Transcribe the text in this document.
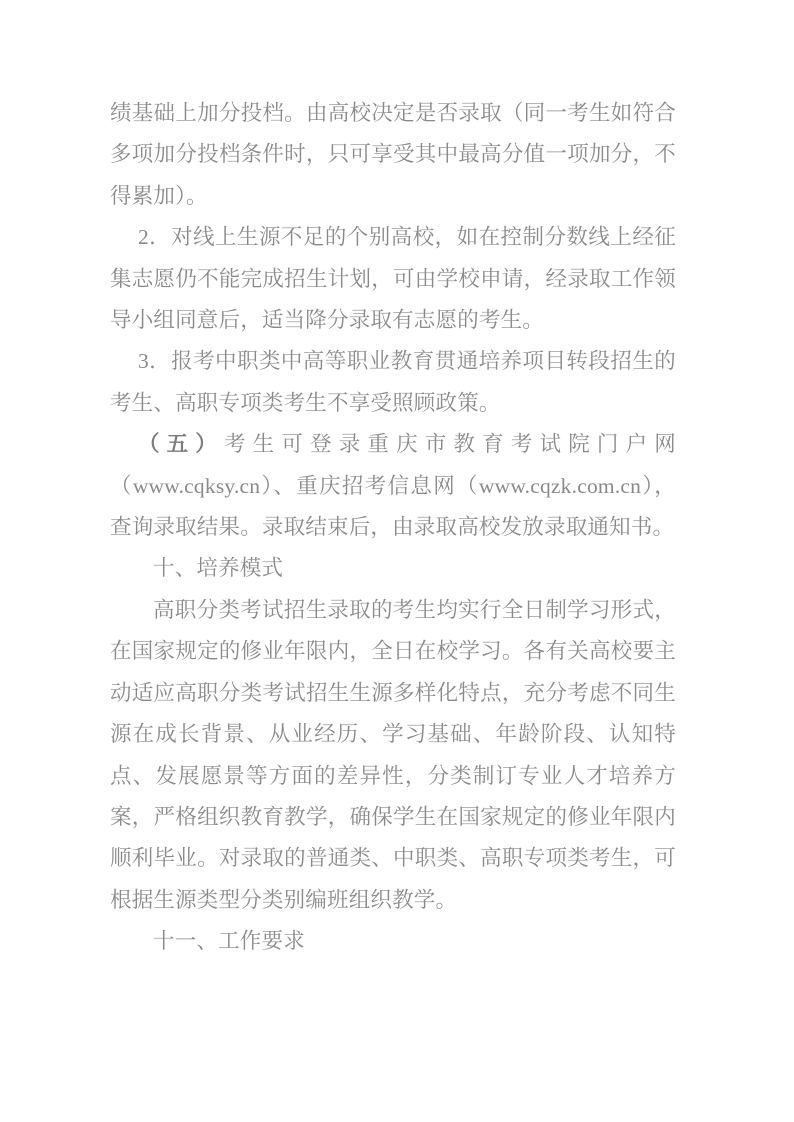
绩基础上加分投档。由高校决定是否录取（同一考生如符合多项加分投档条件时，只可享受其中最高分值一项加分，不得累加）。

2．对线上生源不足的个别高校，如在控制分数线上经征集志愿仍不能完成招生计划，可由学校申请，经录取工作领导小组同意后，适当降分录取有志愿的考生。

3．报考中职类中高等职业教育贯通培养项目转段招生的考生、高职专项类考生不享受照顾政策。

（五）考生可登录重庆市教育考试院门户网（www.cqksy.cn）、重庆招考信息网（www.cqzk.com.cn），查询录取结果。录取结束后，由录取高校发放录取通知书。

十、培养模式

高职分类考试招生录取的考生均实行全日制学习形式，在国家规定的修业年限内，全日在校学习。各有关高校要主动适应高职分类考试招生生源多样化特点，充分考虑不同生源在成长背景、从业经历、学习基础、年龄阶段、认知特点、发展愿景等方面的差异性，分类制订专业人才培养方案，严格组织教育教学，确保学生在国家规定的修业年限内顺利毕业。对录取的普通类、中职类、高职专项类考生，可根据生源类型分类别编班组织教学。

十一、工作要求
